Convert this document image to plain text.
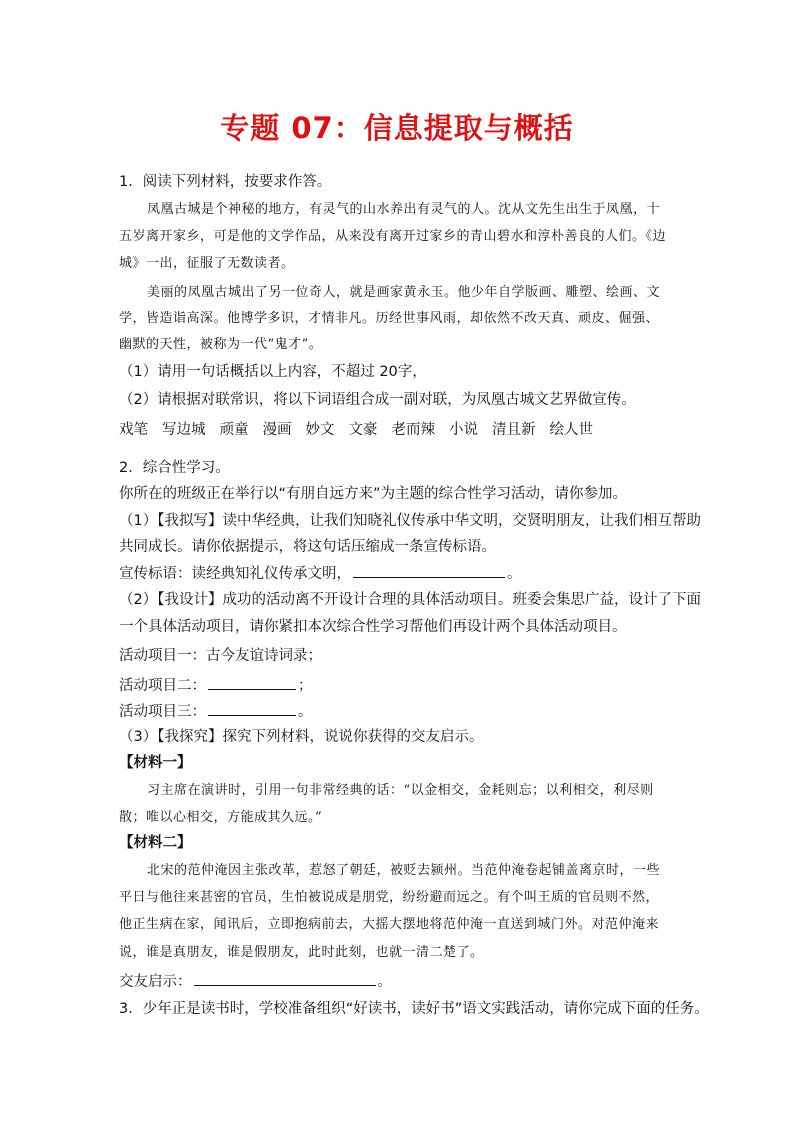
专题 07：信息提取与概括
1．阅读下列材料，按要求作答。
凤凰古城是个神秘的地方，有灵气的山水养出有灵气的人。沈从文先生出生于凤凰，十
五岁离开家乡，可是他的文学作品，从来没有离开过家乡的青山碧水和淳朴善良的人们。《边
城》一出，征服了无数读者。
美丽的凤凰古城出了另一位奇人，就是画家黄永玉。他少年自学版画、雕塑、绘画、文
学，皆造诣高深。他博学多识，才情非凡。历经世事风雨，却依然不改天真、顽皮、倔强、
幽默的天性，被称为一代“鬼才”。
（1）请用一句话概括以上内容，不超过 20字，
（2）请根据对联常识，将以下词语组合成一副对联，为凤凰古城文艺界做宣传。
戏笔 写边城 顽童 漫画 妙文 文豪 老而辣 小说 清且新 绘人世
2．综合性学习。
你所在的班级正在举行以“有朋自远方来”为主题的综合性学习活动，请你参加。
（1）【我拟写】读中华经典，让我们知晓礼仪传承中华文明，交贤明朋友，让我们相互帮助
共同成长。请你依据提示，将这句话压缩成一条宣传标语。
宣传标语：读经典知礼仪传承文明，	。
（2）【我设计】成功的活动离不开设计合理的具体活动项目。班委会集思广益，设计了下面
一个具体活动项目，请你紧扣本次综合性学习帮他们再设计两个具体活动项目。
活动项目一：古今友谊诗词录；
活动项目二：	；
活动项目三：	。
（3）【我探究】探究下列材料，说说你获得的交友启示。
【材料一】
习主席在演讲时，引用一句非常经典的话：“以金相交，金耗则忘；以利相交，利尽则
散；唯以心相交，方能成其久远。”
【材料二】
北宋的范仲淹因主张改革，惹怒了朝廷，被贬去颍州。当范仲淹卷起铺盖离京时，一些
平日与他往来甚密的官员，生怕被说成是朋党，纷纷避而远之。有个叫王质的官员则不然，
他正生病在家，闻讯后，立即抱病前去，大摇大摆地将范仲淹一直送到城门外。对范仲淹来
说，谁是真朋友，谁是假朋友，此时此刻，也就一清二楚了。
交友启示：	。
3．少年正是读书时，学校准备组织“好读书，读好书”语文实践活动，请你完成下面的任务。
